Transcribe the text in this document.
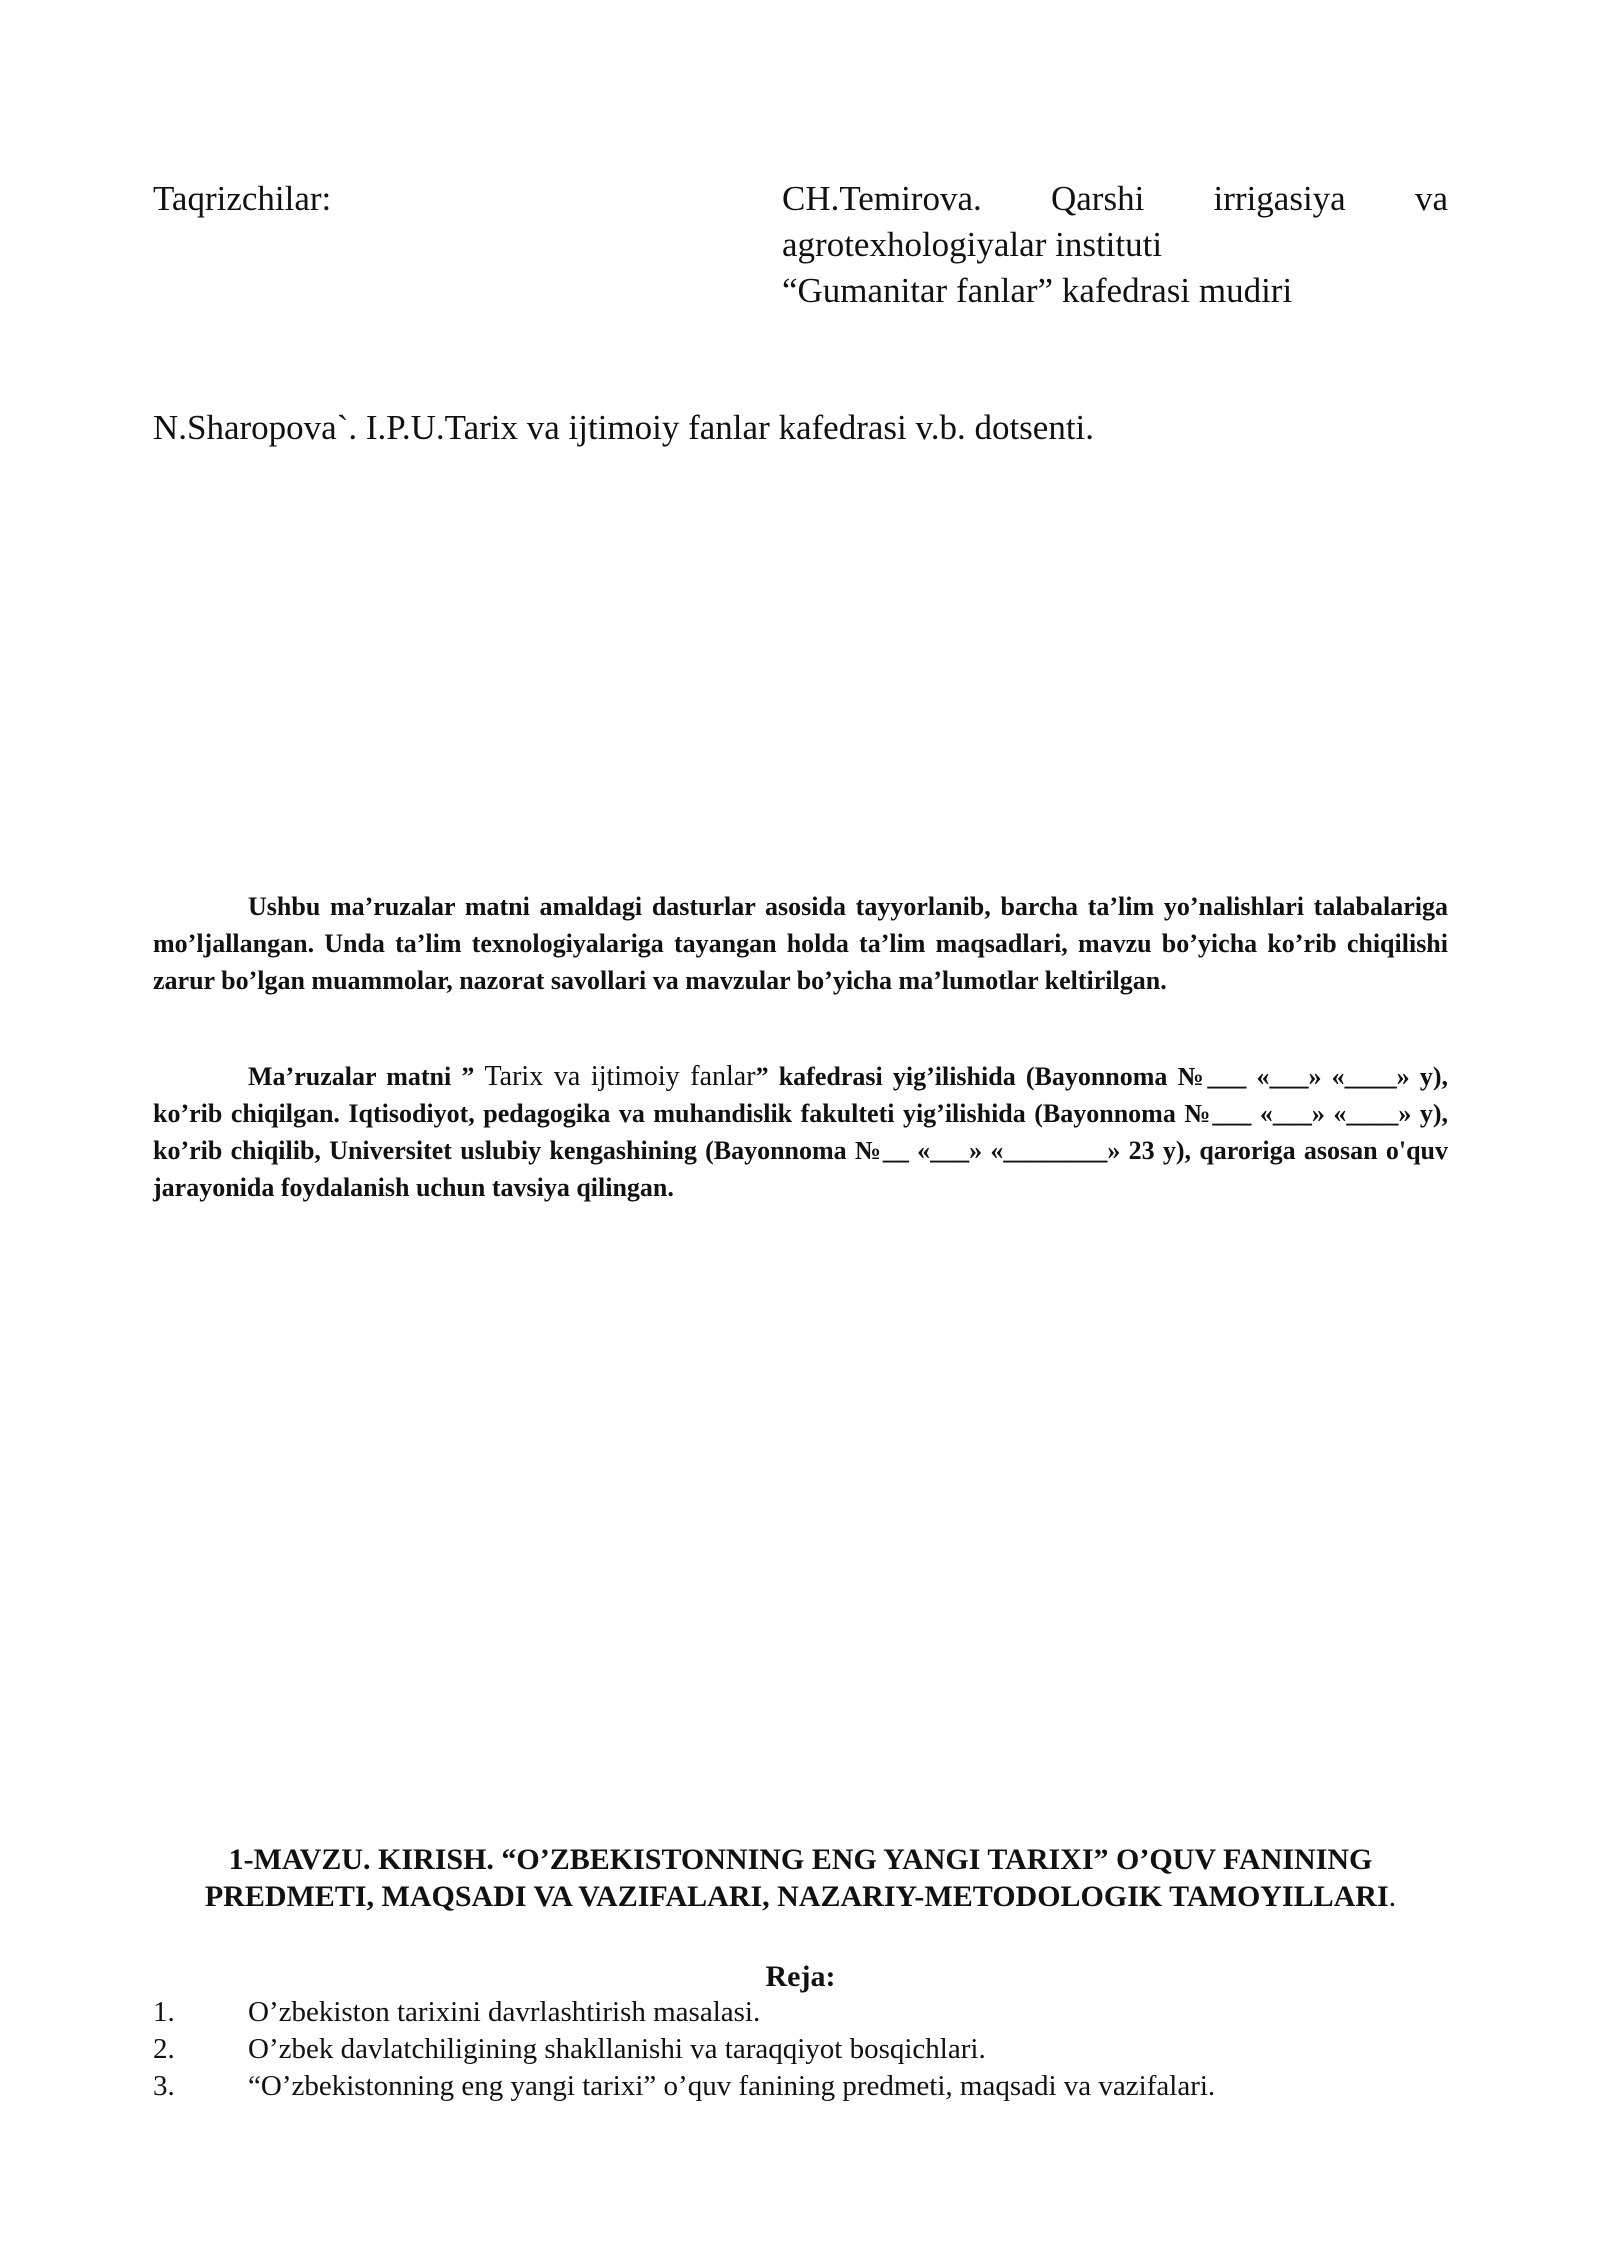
Taqrizchilar:	CH.Temirova. Qarshi irrigasiya va
agrotexhologiyalar instituti
“Gumanitar fanlar” kafedrasi mudiri
N.Sharopova`. I.P.U.Tarix va ijtimoiy fanlar kafedrasi v.b. dotsenti.

Ushbu ma’ruzalar matni amaldagi dasturlar asosida tayyorlanib, barcha ta’lim yo’nalishlari talabalariga mo’ljallangan. Unda ta’lim texnologiyalariga tayangan holda ta’lim maqsadlari, mavzu bo’yicha ko’rib chiqilishi zarur bo’lgan muammolar, nazorat savollari va mavzular bo’yicha ma’lumotlar keltirilgan.

Ma’ruzalar matni ” Tarix va ijtimoiy fanlar” kafedrasi yig’ilishida (Bayonnoma №___ «___» «____» y), ko’rib chiqilgan. Iqtisodiyot, pedagogika va muhandislik fakulteti yig’ilishida (Bayonnoma №___ «___» «____» y), ko’rib chiqilib, Universitet uslubiy kengashining (Bayonnoma №__ «___» «________» 23 y), qaroriga asosan o'quv jarayonida foydalanish uchun tavsiya qilingan.

1-MAVZU. KIRISH. “O’ZBEKISTONNING ENG YANGI TARIXI” O’QUV FANINING PREDMETI, MAQSADI VA VAZIFALARI, NAZARIY-METODOLOGIK TAMOYILLARI.
Reja:
1.	O’zbekiston tarixini davrlashtirish masalasi.
2.	O’zbek davlatchiligining shakllanishi va taraqqiyot bosqichlari.
3.	“O’zbekistonning eng yangi tarixi” o’quv fanining predmeti, maqsadi va vazifalari.
